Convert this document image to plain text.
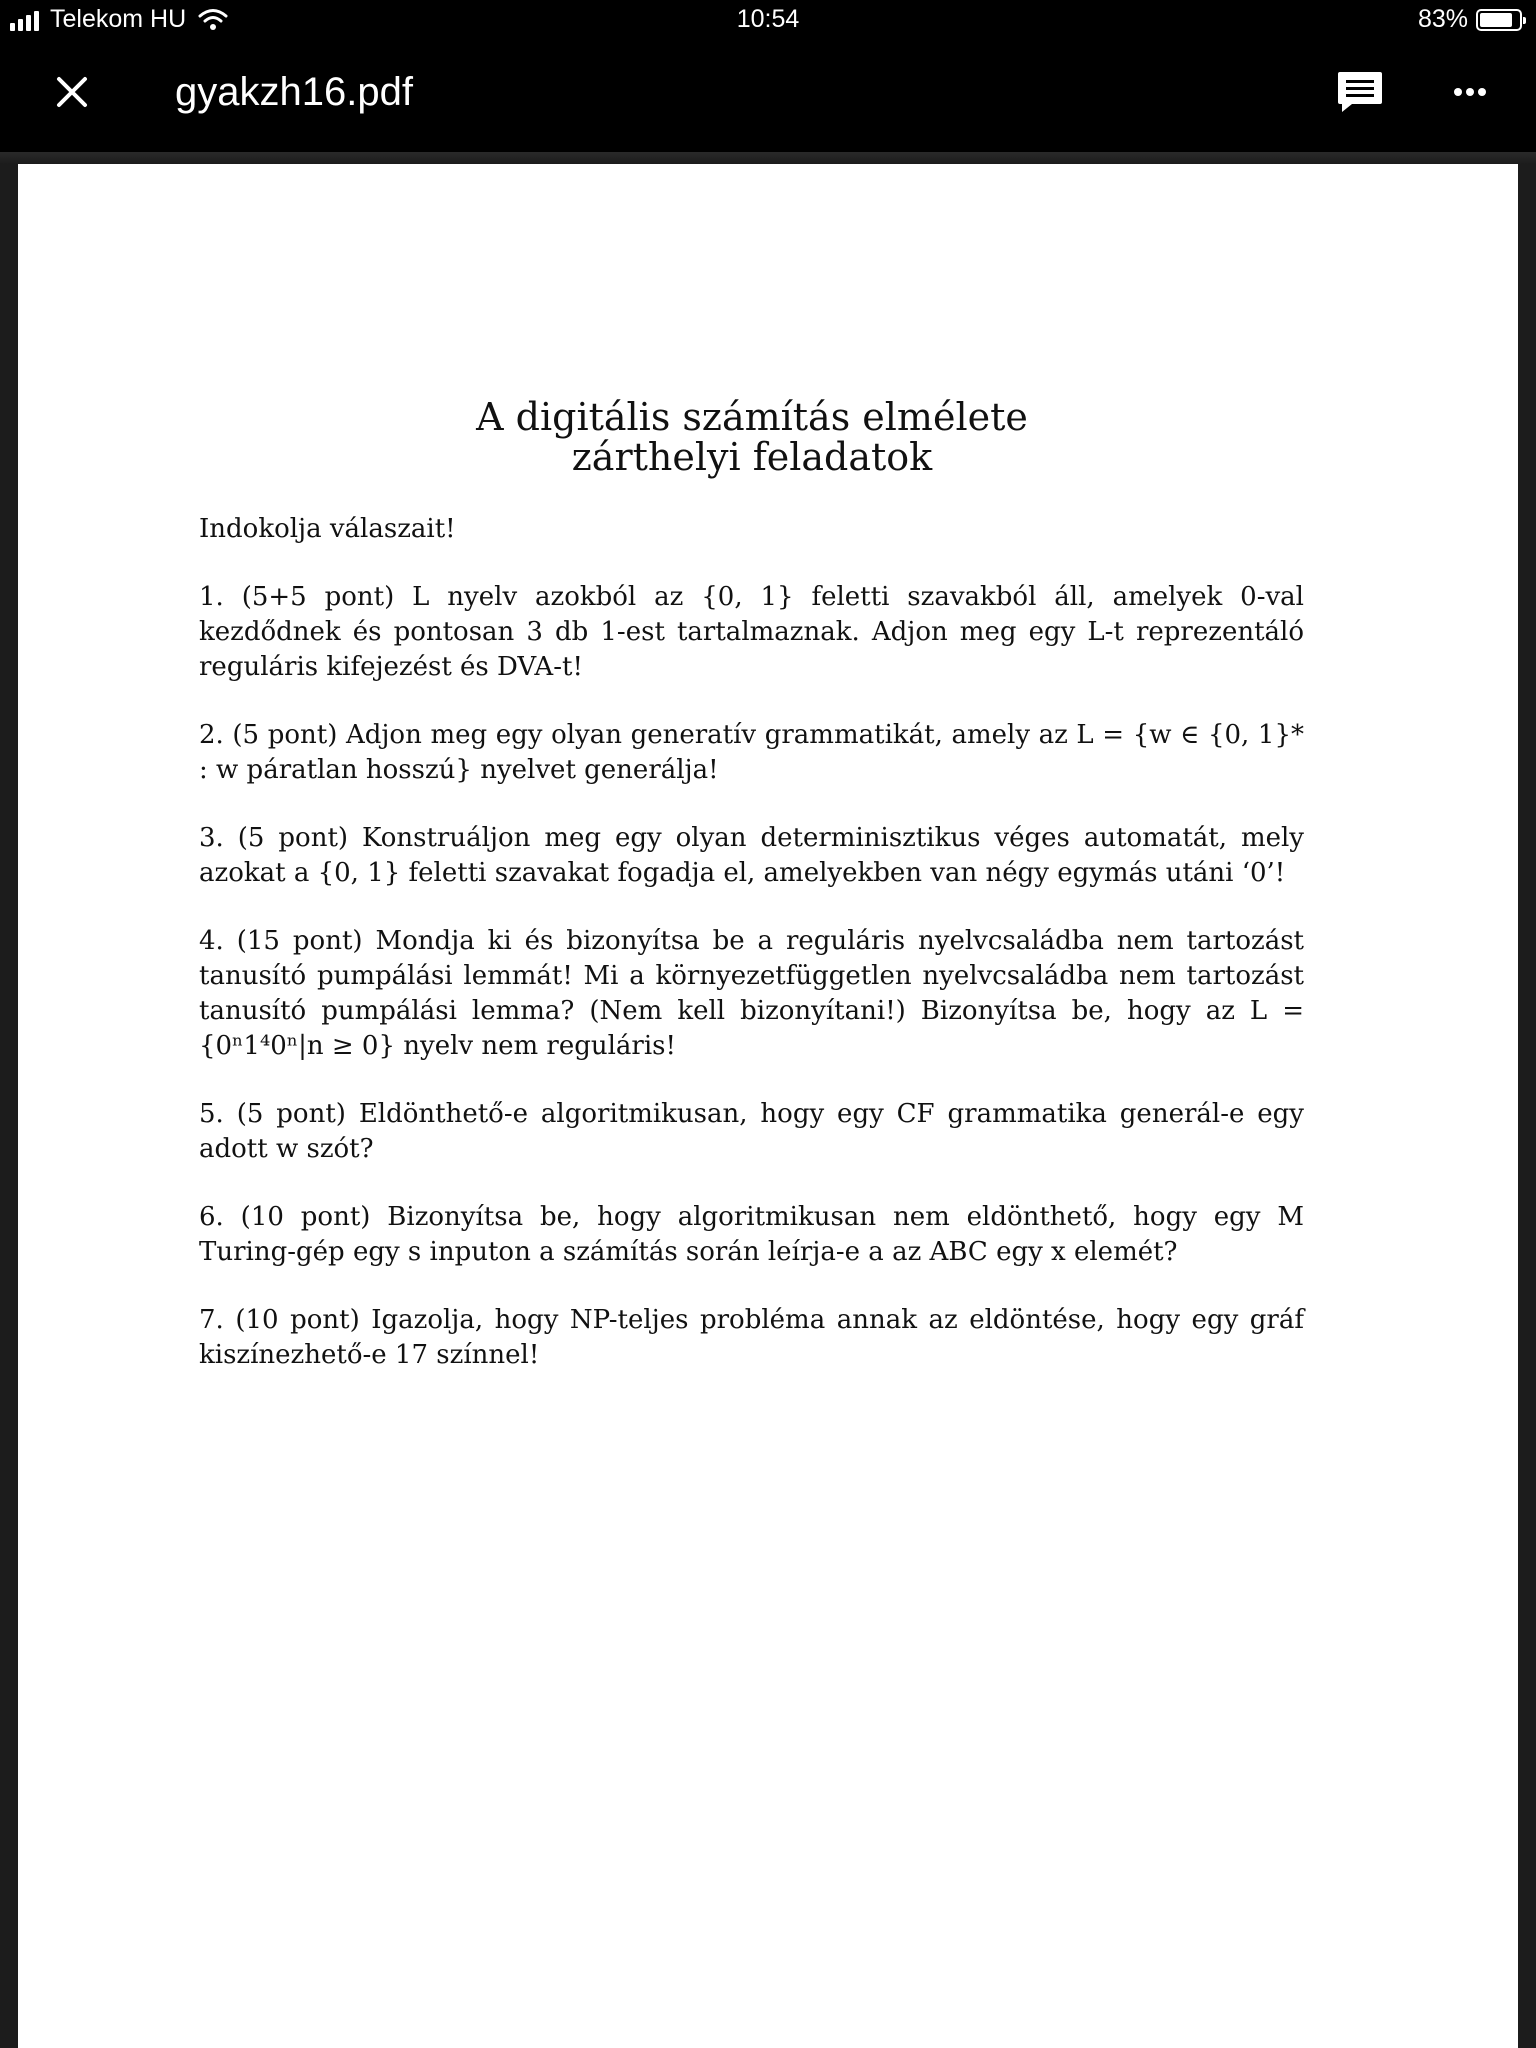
Telekom HU	10:54	83%
gyakzh16.pdf
A digitális számítás elmélete
zárthelyi feladatok

Indokolja válaszait!

1. (5+5 pont) L nyelv azokból az {0, 1} feletti szavakból áll, amelyek 0-val kezdődnek és pontosan 3 db 1-est tartalmaznak. Adjon meg egy L-t reprezentáló reguláris kifejezést és DVA-t!

2. (5 pont) Adjon meg egy olyan generatív grammatikát, amely az L = {w ∈ {0, 1}* : w páratlan hosszú} nyelvet generálja!

3. (5 pont) Konstruáljon meg egy olyan determinisztikus véges automatát, mely azokat a {0, 1} feletti szavakat fogadja el, amelyekben van négy egymás utáni ‘0’!

4. (15 pont) Mondja ki és bizonyítsa be a reguláris nyelvcsaládba nem tartozást tanusító pumpálási lemmát! Mi a környezetfüggetlen nyelvcsaládba nem tartozást tanusító pumpálási lemma? (Nem kell bizonyítani!) Bizonyítsa be, hogy az L = {0ⁿ1⁴0ⁿ|n ≥ 0} nyelv nem reguláris!

5. (5 pont) Eldönthető-e algoritmikusan, hogy egy CF grammatika generál-e egy adott w szót?

6. (10 pont) Bizonyítsa be, hogy algoritmikusan nem eldönthető, hogy egy M Turing-gép egy s inputon a számítás során leírja-e a az ABC egy x elemét?

7. (10 pont) Igazolja, hogy NP-teljes probléma annak az eldöntése, hogy egy gráf kiszínezhető-e 17 színnel!
